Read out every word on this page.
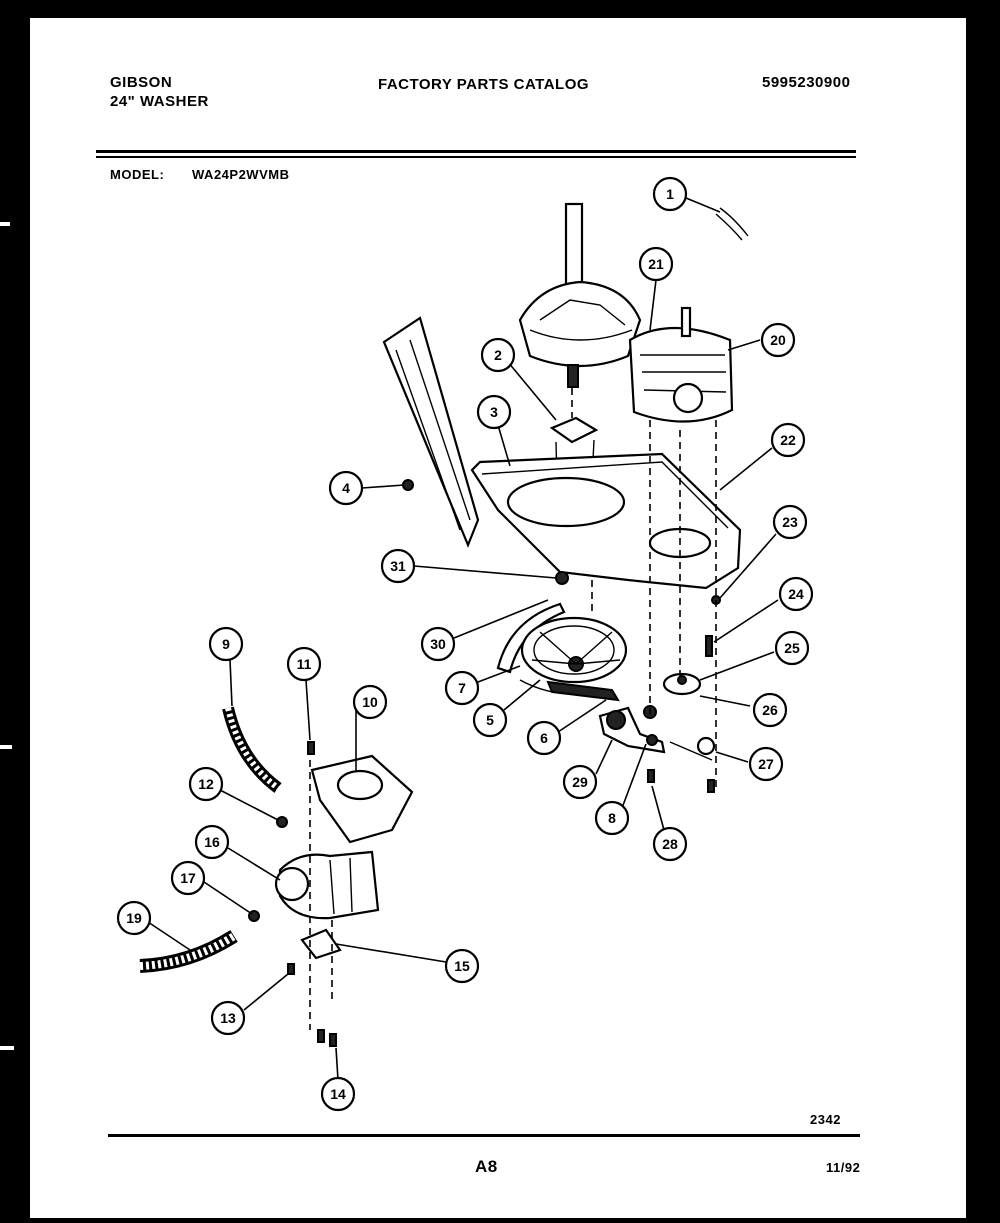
GIBSON
24" WASHER
FACTORY PARTS CATALOG	5995230900
MODEL: WA24P2WVMB
2342
A8	11/92
1
2
3
4
5
6
7
8
9
10
11
12
13
14
15
16
17
19
20
21
22
23
24
25
26
27
28
29
30
31
